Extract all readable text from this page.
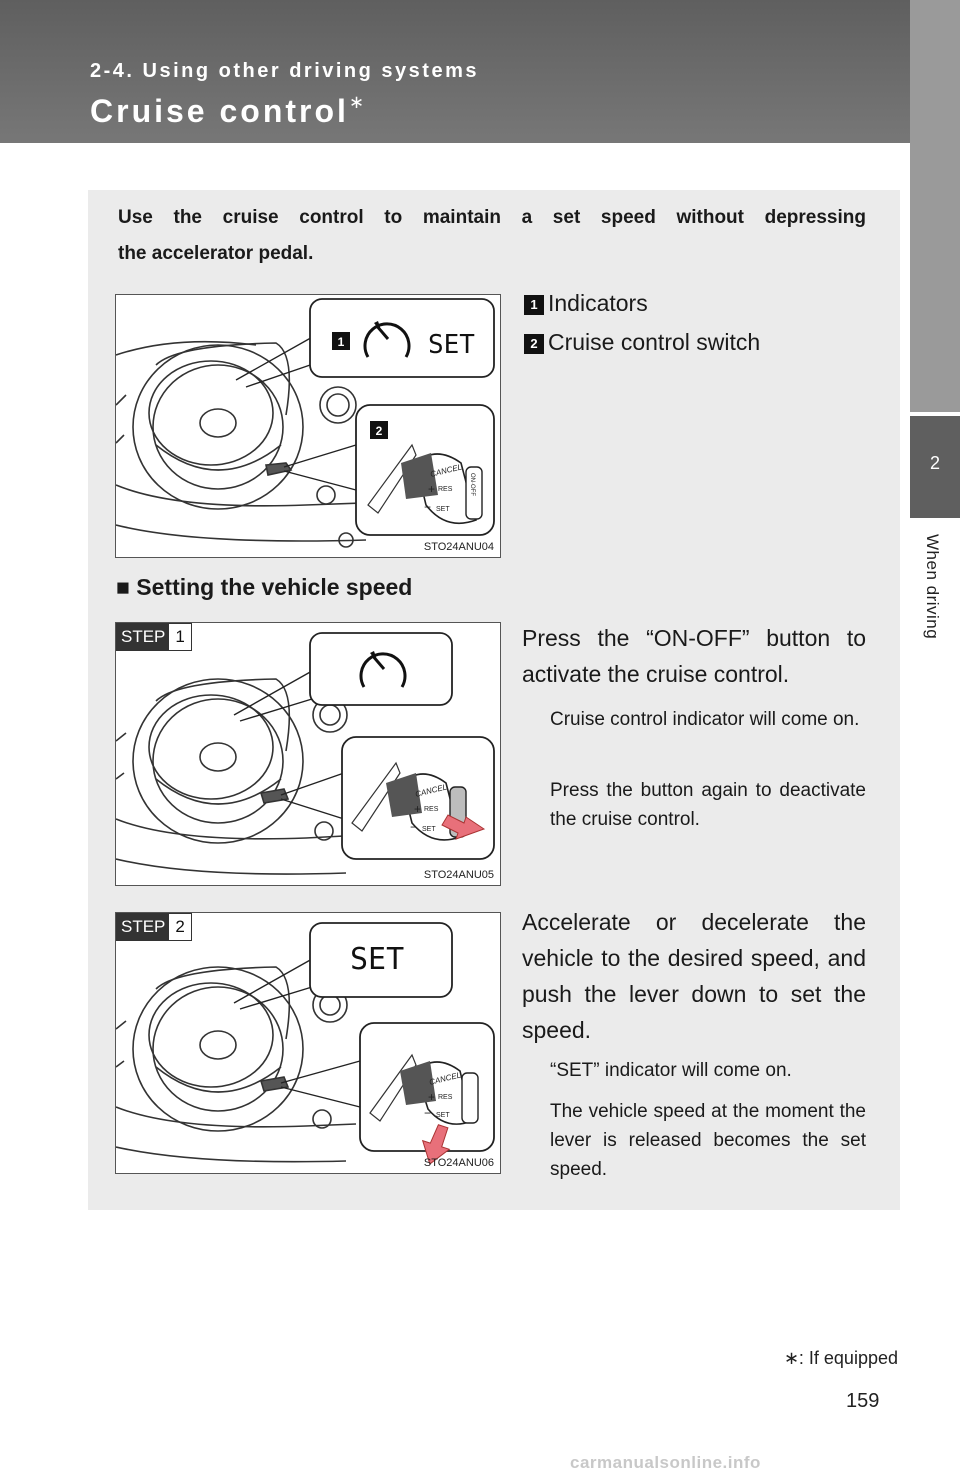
2-4. Using other driving systems
Cruise control∗
2
When driving
Use the cruise control to maintain a set speed without depressing
the accelerator pedal.
SET
1
2
CANCEL
+ RES
− SET
ON·OFF
STO24ANU04
1 Indicators
2 Cruise control switch
■ Setting the vehicle speed
CANCEL
+ RES
− SET
STEP 1
STO24ANU05
Press the “ON-OFF” button to activate the cruise control.
Cruise control indicator will come on.
Press the button again to deactivate the cruise control.
SET
CANCEL
+ RES
− SET
STEP 2
STO24ANU06
Accelerate or decelerate the vehicle to the desired speed, and push the lever down to set the speed.
“SET” indicator will come on.
The vehicle speed at the moment the lever is released becomes the set speed.
∗: If equipped
159
carmanualsonline.info
